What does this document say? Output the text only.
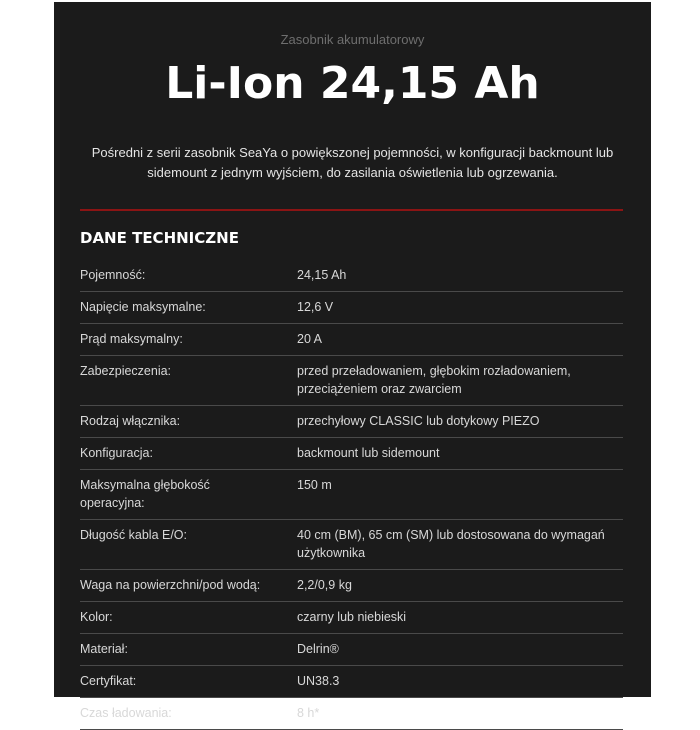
Zasobnik akumulatorowy
Li-Ion 24,15 Ah
Pośredni z serii zasobnik SeaYa o powiększonej pojemności, w konfiguracji backmount lub sidemount z jednym wyjściem, do zasilania oświetlenia lub ogrzewania.
DANE TECHNICZNE
Pojemność:	24,15 Ah
Napięcie maksymalne:	12,6 V
Prąd maksymalny:	20 A
Zabezpieczenia:	przed przeładowaniem, głębokim rozładowaniem, przeciążeniem oraz zwarciem
Rodzaj włącznika:	przechyłowy CLASSIC lub dotykowy PIEZO
Konfiguracja:	backmount lub sidemount
Maksymalna głębokość operacyjna:
150 m
Długość kabla E/O:	40 cm (BM), 65 cm (SM) lub dostosowana do wymagań użytkownika
Waga na powierzchni/pod wodą:	2,2/0,9 kg
Kolor:	czarny lub niebieski
Materiał:	Delrin®
Certyfikat:	UN38.3
Czas ładowania:	8 h*
